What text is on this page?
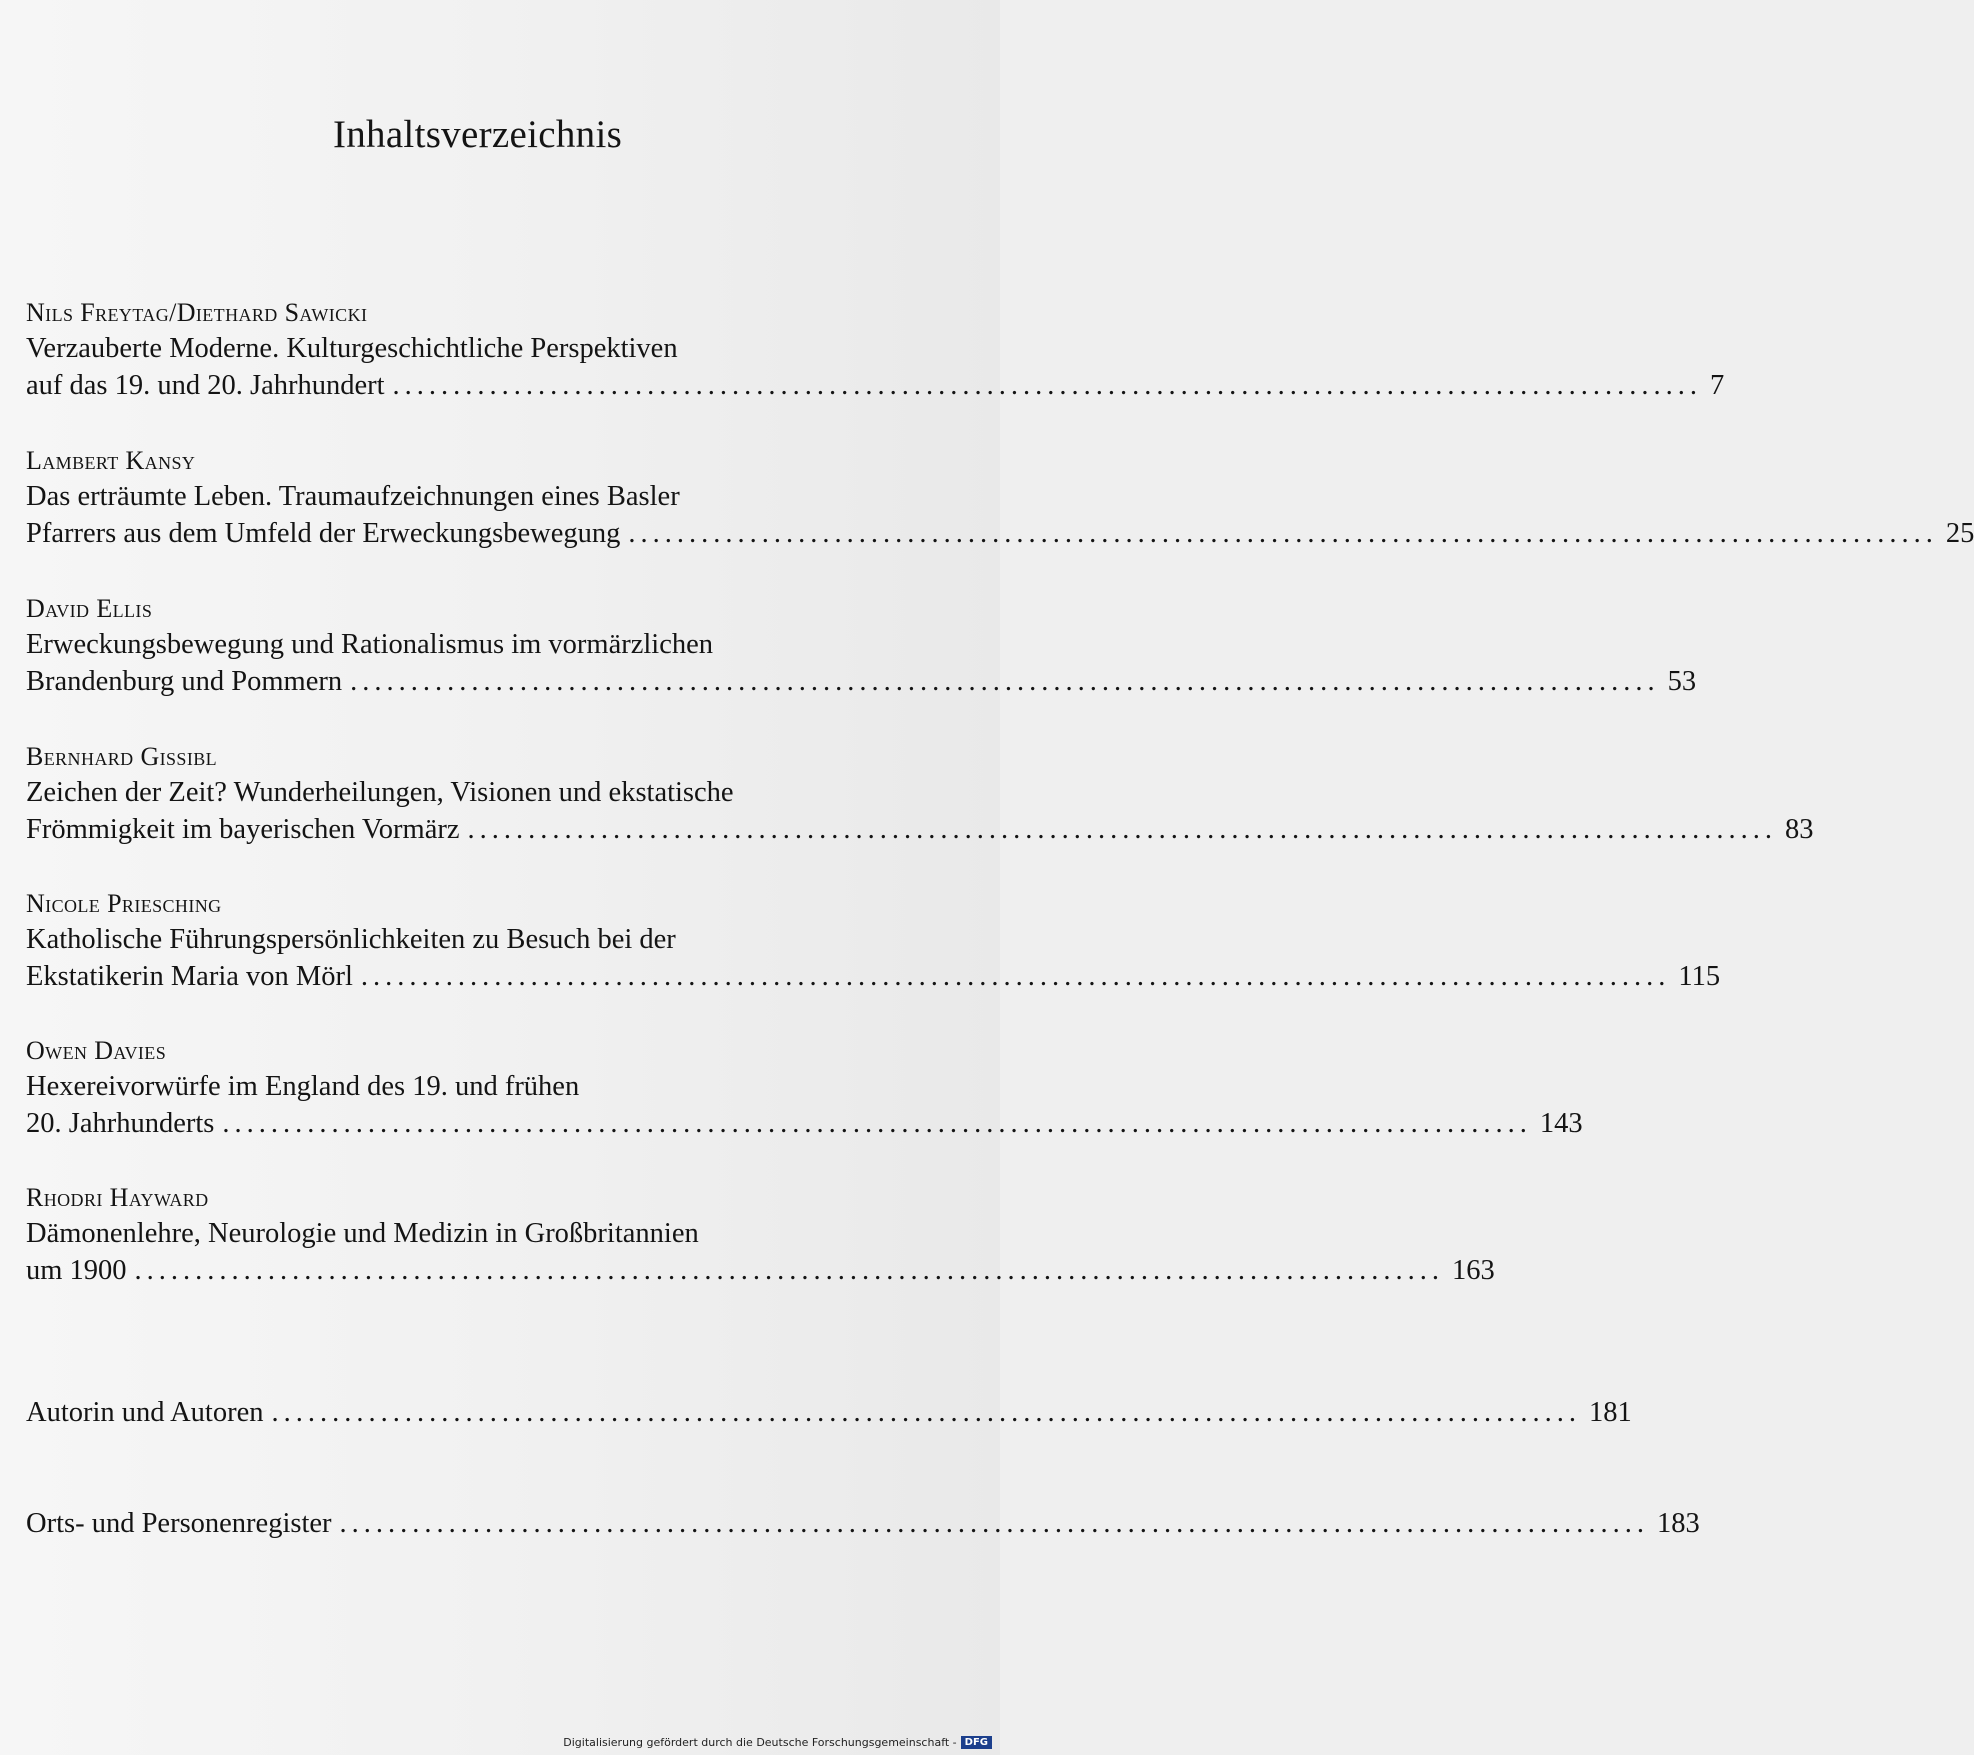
Inhaltsverzeichnis

Nils Freytag/Diethard Sawicki

Verzauberte Moderne. Kulturgeschichtliche Perspektiven

auf das 19. und 20. Jahrhundert ............................................................................................................ 7

Lambert Kansy

Das erträumte Leben. Traumaufzeichnungen eines Basler

Pfarrers aus dem Umfeld der Erweckungsbewegung ............................................................................................................ 25

David Ellis

Erweckungsbewegung und Rationalismus im vormärzlichen

Brandenburg und Pommern ............................................................................................................ 53

Bernhard Gissibl

Zeichen der Zeit? Wunderheilungen, Visionen und ekstatische

Frömmigkeit im bayerischen Vormärz ............................................................................................................ 83

Nicole Priesching

Katholische Führungspersönlichkeiten zu Besuch bei der

Ekstatikerin Maria von Mörl ............................................................................................................ 115

Owen Davies

Hexereivorwürfe im England des 19. und frühen

20. Jahrhunderts ............................................................................................................ 143

Rhodri Hayward

Dämonenlehre, Neurologie und Medizin in Großbritannien

um 1900 ............................................................................................................ 163
Autorin und Autoren ............................................................................................................ 181
Orts- und Personenregister ............................................................................................................ 183
Digitalisierung gefördert durch die Deutsche Forschungsgemeinschaft - DFG
